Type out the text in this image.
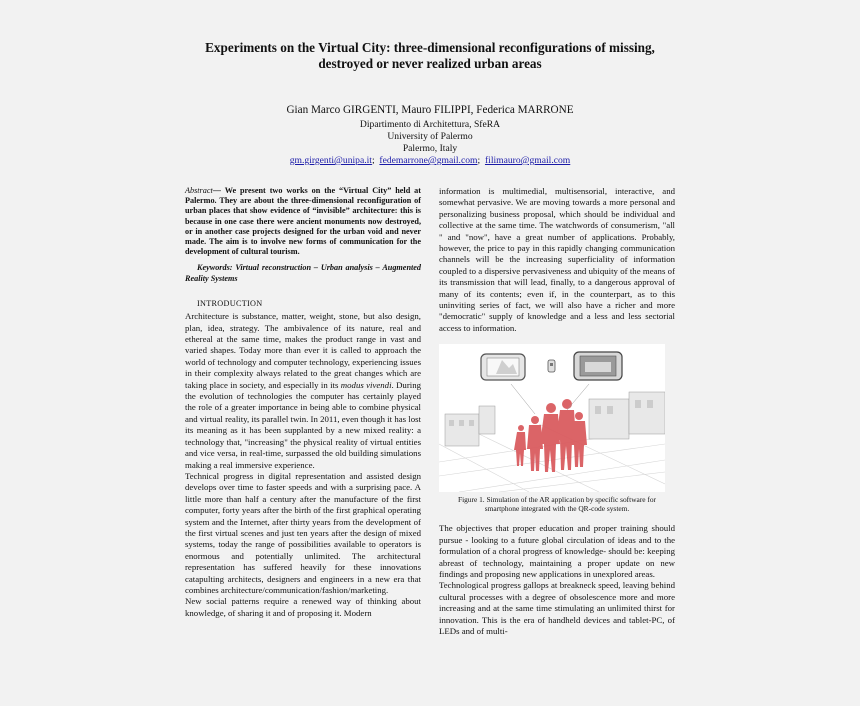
Experiments on the Virtual City: three-dimensional reconfigurations of missing,
destroyed or never realized urban areas
Gian Marco GIRGENTI, Mauro FILIPPI, Federica MARRONE
Dipartimento di Architettura, SfeRA
University of Palermo
Palermo, Italy
gm.girgenti@unipa.it;  fedemarrone@gmail.com;  filimauro@gmail.com

Abstract— We present two works on the “Virtual City” held at Palermo. They are about the three-dimensional reconfiguration of urban places that show evidence of “invisible” architecture: this is because in one case there were ancient monuments now destroyed, or in another case projects designed for the urban void and never made. The aim is to involve new forms of communication for the development of cultural tourism.

Keywords: Virtual reconstruction – Urban analysis – Augmented Reality Systems

INTRODUCTION

Architecture is substance, matter, weight, stone, but also design, plan, idea, strategy. The ambivalence of its nature, real and ethereal at the same time, makes the product range in vast and varied shapes. Today more than ever it is called to approach the world of technology and computer technology, experiencing issues in their complexity always related to the great changes which are taking place in society, and especially in its modus vivendi. During the evolution of technologies the computer has certainly played the role of a greater importance in being able to combine physical and virtual reality, its parallel twin. In 2011, even though it has lost its meaning as it has been supplanted by a new mixed reality: a technology that, "increasing" the physical reality of virtual entities and vice versa, in real-time, surpassed the old building simulations making a real immersive experience.

Technical progress in digital representation and assisted design develops over time to faster speeds and with a surprising pace. A little more than half a century after the manufacture of the first computer, forty years after the birth of the first graphical operating system and the Internet, after thirty years from the development of the first virtual scenes and just ten years after the design of mixed systems, today the range of possibilities available to operators is enormous and potentially unlimited. The architectural representation has suffered heavily for these innovations catapulting architects, designers and engineers in a new era that combines architecture/communication/fashion/marketing.

New social patterns require a renewed way of thinking about knowledge, of sharing it and of proposing it. Modern

information is multimedial, multisensorial, interactive, and somewhat pervasive. We are moving towards a more personal and personalizing business proposal, which should be individual and collective at the same time. The watchwords of consumerism, "all " and "now", have a great number of applications. Probably, however, the price to pay in this rapidly changing communication channels will be the increasing superficiality of information coupled to a dispersive pervasiveness and ubiquity of the means of its transmission that will lead, finally, to a dangerous approval of many of its contents; even if, in the counterpart, as to this uninviting series of fact, we will also have a richer and more "democratic" supply of knowledge and a less and less sectorial access to information.

Figure 1. Simulation of the AR application by specific software for smartphone integrated with the QR-code system.

The objectives that proper education and proper training should pursue - looking to a future global circulation of ideas and to the formulation of a choral progress of knowledge- should be: keeping abreast of technology, maintaining a proper update on new findings and proposing new applications in unexplored areas.

Technological progress gallops at breakneck speed, leaving behind cultural processes with a degree of obsolescence more and more increasing and at the same time stimulating an unlimited thirst for innovation. This is the era of handheld devices and tablet-PC, of LEDs and of multi-
